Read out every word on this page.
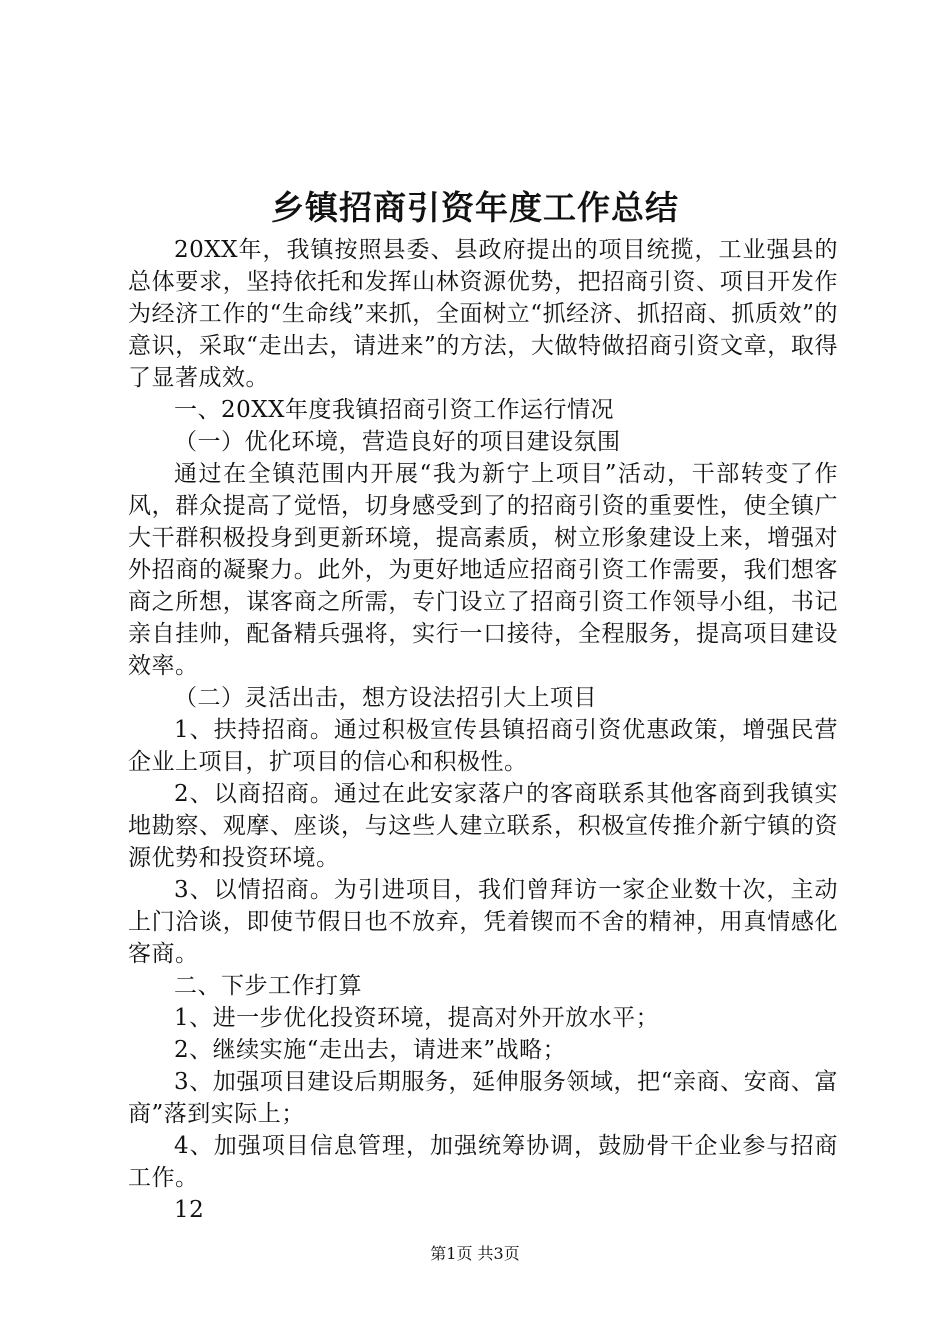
乡镇招商引资年度工作总结

20XX年，我镇按照县委、县政府提出的项目统揽，工业强县的总体要求，坚持依托和发挥山林资源优势，把招商引资、项目开发作为经济工作的“生命线”来抓，全面树立“抓经济、抓招商、抓质效”的意识，采取“走出去，请进来”的方法，大做特做招商引资文章，取得了显著成效。

一、20XX年度我镇招商引资工作运行情况

（一）优化环境，营造良好的项目建设氛围

通过在全镇范围内开展“我为新宁上项目”活动，干部转变了作风，群众提高了觉悟，切身感受到了的招商引资的重要性，使全镇广大干群积极投身到更新环境，提高素质，树立形象建设上来，增强对外招商的凝聚力。此外，为更好地适应招商引资工作需要，我们想客商之所想，谋客商之所需，专门设立了招商引资工作领导小组，书记亲自挂帅，配备精兵强将，实行一口接待，全程服务，提高项目建设效率。

（二）灵活出击，想方设法招引大上项目

1、扶持招商。通过积极宣传县镇招商引资优惠政策，增强民营企业上项目，扩项目的信心和积极性。

2、以商招商。通过在此安家落户的客商联系其他客商到我镇实地勘察、观摩、座谈，与这些人建立联系，积极宣传推介新宁镇的资源优势和投资环境。

3、以情招商。为引进项目，我们曾拜访一家企业数十次，主动上门洽谈，即使节假日也不放弃，凭着锲而不舍的精神，用真情感化客商。

二、下步工作打算

1、进一步优化投资环境，提高对外开放水平；

2、继续实施“走出去，请进来”战略；

3、加强项目建设后期服务，延伸服务领域，把“亲商、安商、富商”落到实际上；

4、加强项目信息管理，加强统筹协调，鼓励骨干企业参与招商工作。

12

第1页 共3页
